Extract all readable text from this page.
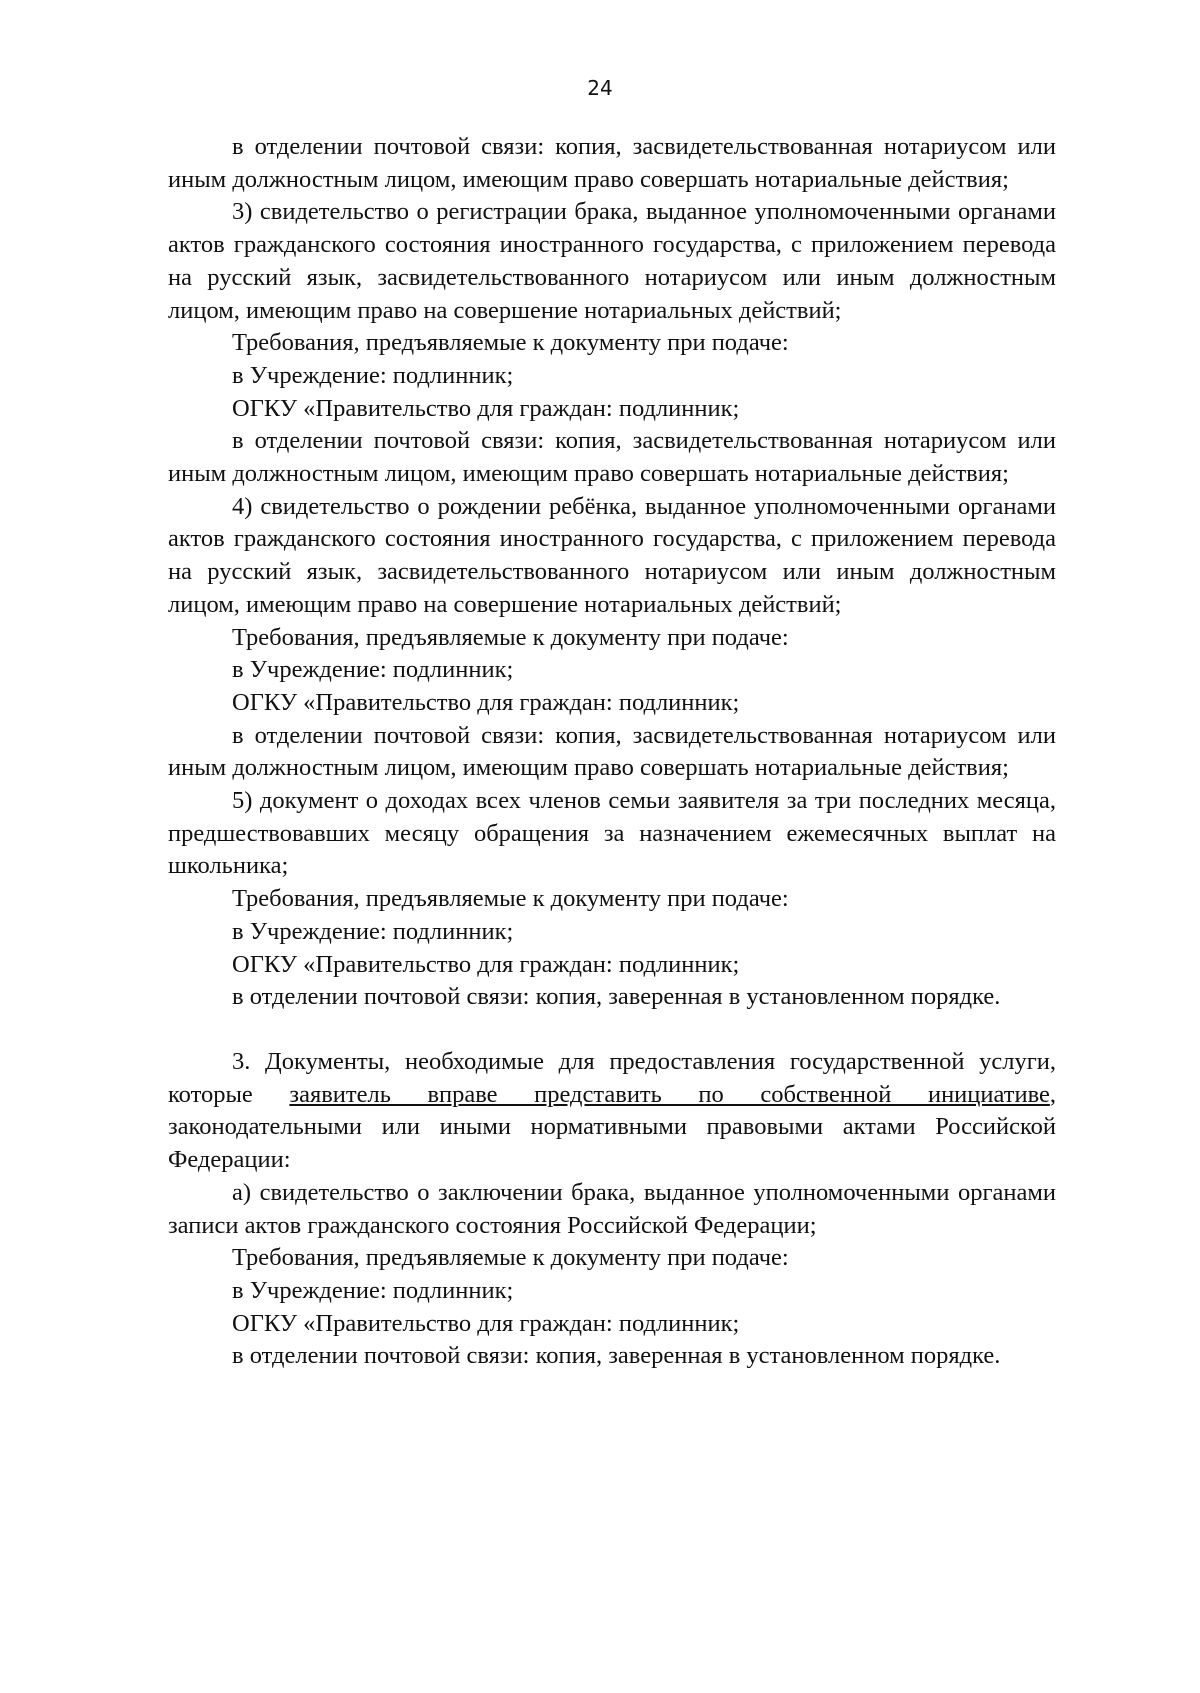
24

в отделении почтовой связи: копия, засвидетельствованная нотариусом или иным должностным лицом, имеющим право совершать нотариальные действия;

3) свидетельство о регистрации брака, выданное уполномоченными органами актов гражданского состояния иностранного государства, с приложением перевода на русский язык, засвидетельствованного нотариусом или иным должностным лицом, имеющим право на совершение нотариальных действий;

Требования, предъявляемые к документу при подаче:

в Учреждение: подлинник;

ОГКУ «Правительство для граждан: подлинник;

в отделении почтовой связи: копия, засвидетельствованная нотариусом или иным должностным лицом, имеющим право совершать нотариальные действия;

4) свидетельство о рождении ребёнка, выданное уполномоченными органами актов гражданского состояния иностранного государства, с приложением перевода на русский язык, засвидетельствованного нотариусом или иным должностным лицом, имеющим право на совершение нотариальных действий;

Требования, предъявляемые к документу при подаче:

в Учреждение: подлинник;

ОГКУ «Правительство для граждан: подлинник;

в отделении почтовой связи: копия, засвидетельствованная нотариусом или иным должностным лицом, имеющим право совершать нотариальные действия;

5) документ о доходах всех членов семьи заявителя за три последних месяца, предшествовавших месяцу обращения за назначением ежемесячных выплат на школьника;

Требования, предъявляемые к документу при подаче:

в Учреждение: подлинник;

ОГКУ «Правительство для граждан: подлинник;

в отделении почтовой связи: копия, заверенная в установленном порядке.

3. Документы, необходимые для предоставления государственной услуги, которые заявитель вправе представить по собственной инициативе, законодательными или иными нормативными правовыми актами Российской Федерации:

а) свидетельство о заключении брака, выданное уполномоченными органами записи актов гражданского состояния Российской Федерации;

Требования, предъявляемые к документу при подаче:

в Учреждение: подлинник;

ОГКУ «Правительство для граждан: подлинник;

в отделении почтовой связи: копия, заверенная в установленном порядке.
